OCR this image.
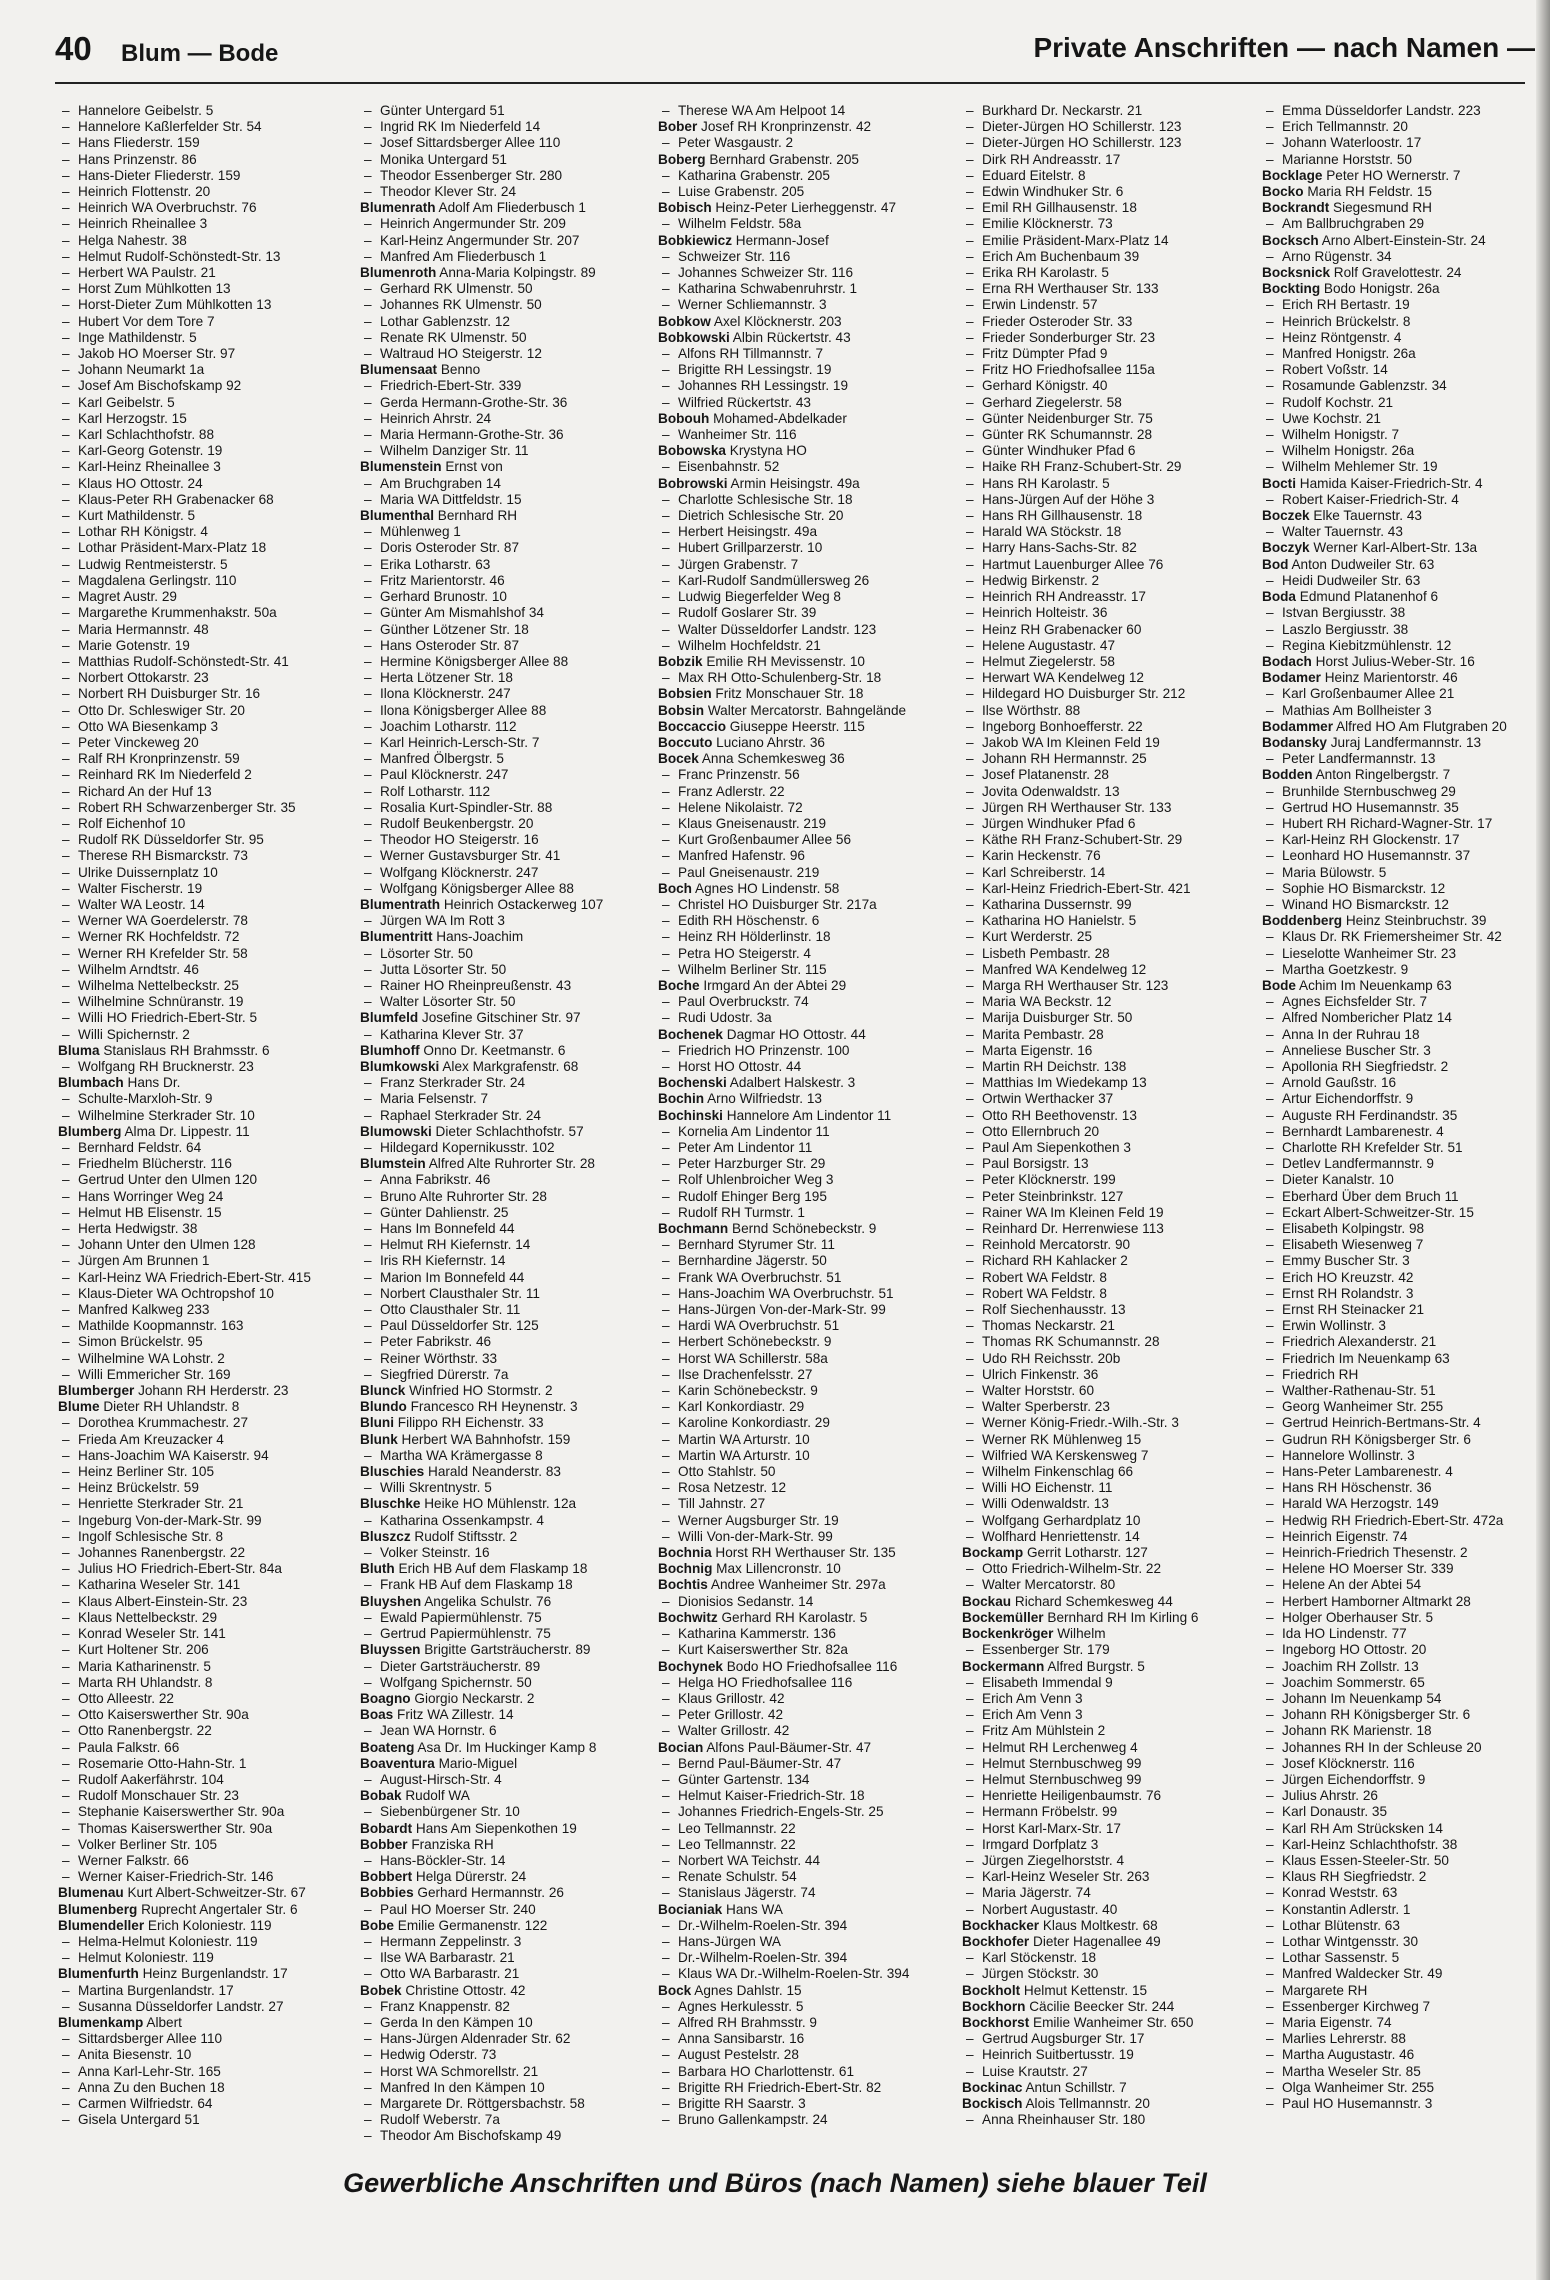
40 Blum — Bode	Private Anschriften — nach Namen —
– Hannelore Geibelstr. 5
– Hannelore Kaßlerfelder Str. 54
– Hans Fliederstr. 159
– Hans Prinzenstr. 86
– Hans-Dieter Fliederstr. 159
– Heinrich Flottenstr. 20
– Heinrich WA Overbruchstr. 76
– Heinrich Rheinallee 3
– Helga Nahestr. 38
– Helmut Rudolf-Schönstedt-Str. 13
– Herbert WA Paulstr. 21
– Horst Zum Mühlkotten 13
– Horst-Dieter Zum Mühlkotten 13
– Hubert Vor dem Tore 7
– Inge Mathildenstr. 5
– Jakob HO Moerser Str. 97
– Johann Neumarkt 1a
– Josef Am Bischofskamp 92
– Karl Geibelstr. 5
– Karl Herzogstr. 15
– Karl Schlachthofstr. 88
– Karl-Georg Gotenstr. 19
– Karl-Heinz Rheinallee 3
– Klaus HO Ottostr. 24
– Klaus-Peter RH Grabenacker 68
– Kurt Mathildenstr. 5
– Lothar RH Königstr. 4
– Lothar Präsident-Marx-Platz 18
– Ludwig Rentmeisterstr. 5
– Magdalena Gerlingstr. 110
– Magret Austr. 29
– Margarethe Krummenhakstr. 50a
– Maria Hermannstr. 48
– Marie Gotenstr. 19
– Matthias Rudolf-Schönstedt-Str. 41
– Norbert Ottokarstr. 23
– Norbert RH Duisburger Str. 16
– Otto Dr. Schleswiger Str. 20
– Otto WA Biesenkamp 3
– Peter Vinckeweg 20
– Ralf RH Kronprinzenstr. 59
– Reinhard RK Im Niederfeld 2
– Richard An der Huf 13
– Robert RH Schwarzenberger Str. 35
– Rolf Eichenhof 10
– Rudolf RK Düsseldorfer Str. 95
– Therese RH Bismarckstr. 73
– Ulrike Duissernplatz 10
– Walter Fischerstr. 19
– Walter WA Leostr. 14
– Werner WA Goerdelerstr. 78
– Werner RK Hochfeldstr. 72
– Werner RH Krefelder Str. 58
– Wilhelm Arndtstr. 46
– Wilhelma Nettelbeckstr. 25
– Wilhelmine Schnüranstr. 19
– Willi HO Friedrich-Ebert-Str. 5
– Willi Spichernstr. 2
Bluma Stanislaus RH Brahmsstr. 6
– Wolfgang RH Brucknerstr. 23
Blumbach Hans Dr.
– Schulte-Marxloh-Str. 9
– Wilhelmine Sterkrader Str. 10
Blumberg Alma Dr. Lippestr. 11
– Bernhard Feldstr. 64
– Friedhelm Blücherstr. 116
– Gertrud Unter den Ulmen 120
– Hans Worringer Weg 24
– Helmut HB Elisenstr. 15
– Herta Hedwigstr. 38
– Johann Unter den Ulmen 128
– Jürgen Am Brunnen 1
– Karl-Heinz WA Friedrich-Ebert-Str. 415
– Klaus-Dieter WA Ochtropshof 10
– Manfred Kalkweg 233
– Mathilde Koopmannstr. 163
– Simon Brückelstr. 95
– Wilhelmine WA Lohstr. 2
– Willi Emmericher Str. 169
Blumberger Johann RH Herderstr. 23
Blume Dieter RH Uhlandstr. 8
– Dorothea Krummachestr. 27
– Frieda Am Kreuzacker 4
– Hans-Joachim WA Kaiserstr. 94
– Heinz Berliner Str. 105
– Heinz Brückelstr. 59
– Henriette Sterkrader Str. 21
– Ingeburg Von-der-Mark-Str. 99
– Ingolf Schlesische Str. 8
– Johannes Ranenbergstr. 22
– Julius HO Friedrich-Ebert-Str. 84a
– Katharina Weseler Str. 141
– Klaus Albert-Einstein-Str. 23
– Klaus Nettelbeckstr. 29
– Konrad Weseler Str. 141
– Kurt Holtener Str. 206
– Maria Katharinenstr. 5
– Marta RH Uhlandstr. 8
– Otto Alleestr. 22
– Otto Kaiserswerther Str. 90a
– Otto Ranenbergstr. 22
– Paula Falkstr. 66
– Rosemarie Otto-Hahn-Str. 1
– Rudolf Aakerfährstr. 104
– Rudolf Monschauer Str. 23
– Stephanie Kaiserswerther Str. 90a
– Thomas Kaiserswerther Str. 90a
– Volker Berliner Str. 105
– Werner Falkstr. 66
– Werner Kaiser-Friedrich-Str. 146
Blumenau Kurt Albert-Schweitzer-Str. 67
Blumenberg Ruprecht Angertaler Str. 6
Blumendeller Erich Koloniestr. 119
– Helma-Helmut Koloniestr. 119
– Helmut Koloniestr. 119
Blumenfurth Heinz Burgenlandstr. 17
– Martina Burgenlandstr. 17
– Susanna Düsseldorfer Landstr. 27
Blumenkamp Albert
– Sittardsberger Allee 110
– Anita Biesenstr. 10
– Anna Karl-Lehr-Str. 165
– Anna Zu den Buchen 18
– Carmen Wilfriedstr. 64
– Gisela Untergard 51
– Günter Untergard 51
– Ingrid RK Im Niederfeld 14
– Josef Sittardsberger Allee 110
– Monika Untergard 51
– Theodor Essenberger Str. 280
– Theodor Klever Str. 24
Blumenrath Adolf Am Fliederbusch 1
– Heinrich Angermunder Str. 209
– Karl-Heinz Angermunder Str. 207
– Manfred Am Fliederbusch 1
Blumenroth Anna-Maria Kolpingstr. 89
– Gerhard RK Ulmenstr. 50
– Johannes RK Ulmenstr. 50
– Lothar Gablenzstr. 12
– Renate RK Ulmenstr. 50
– Waltraud HO Steigerstr. 12
Blumensaat Benno
– Friedrich-Ebert-Str. 339
– Gerda Hermann-Grothe-Str. 36
– Heinrich Ahrstr. 24
– Maria Hermann-Grothe-Str. 36
– Wilhelm Danziger Str. 11
Blumenstein Ernst von
– Am Bruchgraben 14
– Maria WA Dittfeldstr. 15
Blumenthal Bernhard RH
– Mühlenweg 1
– Doris Osteroder Str. 87
– Erika Lotharstr. 63
– Fritz Marientorstr. 46
– Gerhard Brunostr. 10
– Günter Am Mismahlshof 34
– Günther Lötzener Str. 18
– Hans Osteroder Str. 87
– Hermine Königsberger Allee 88
– Herta Lötzener Str. 18
– Ilona Klöcknerstr. 247
– Ilona Königsberger Allee 88
– Joachim Lotharstr. 112
– Karl Heinrich-Lersch-Str. 7
– Manfred Ölbergstr. 5
– Paul Klöcknerstr. 247
– Rolf Lotharstr. 112
– Rosalia Kurt-Spindler-Str. 88
– Rudolf Beukenbergstr. 20
– Theodor HO Steigerstr. 16
– Werner Gustavsburger Str. 41
– Wolfgang Klöcknerstr. 247
– Wolfgang Königsberger Allee 88
Blumentrath Heinrich Ostackerweg 107
– Jürgen WA Im Rott 3
Blumentritt Hans-Joachim
– Lösorter Str. 50
– Jutta Lösorter Str. 50
– Rainer HO Rheinpreußenstr. 43
– Walter Lösorter Str. 50
Blumfeld Josefine Gitschiner Str. 97
– Katharina Klever Str. 37
Blumhoff Onno Dr. Keetmanstr. 6
Blumkowski Alex Markgrafenstr. 68
– Franz Sterkrader Str. 24
– Maria Felsenstr. 7
– Raphael Sterkrader Str. 24
Blumowski Dieter Schlachthofstr. 57
– Hildegard Kopernikusstr. 102
Blumstein Alfred Alte Ruhrorter Str. 28
– Anna Fabrikstr. 46
– Bruno Alte Ruhrorter Str. 28
– Günter Dahlienstr. 25
– Hans Im Bonnefeld 44
– Helmut RH Kiefernstr. 14
– Iris RH Kiefernstr. 14
– Marion Im Bonnefeld 44
– Norbert Clausthaler Str. 11
– Otto Clausthaler Str. 11
– Paul Düsseldorfer Str. 125
– Peter Fabrikstr. 46
– Reiner Wörthstr. 33
– Siegfried Dürerstr. 7a
Blunck Winfried HO Stormstr. 2
Blundo Francesco RH Heynenstr. 3
Bluni Filippo RH Eichenstr. 33
Blunk Herbert WA Bahnhofstr. 159
– Martha WA Krämergasse 8
Bluschies Harald Neanderstr. 83
– Willi Skrentnystr. 5
Bluschke Heike HO Mühlenstr. 12a
– Katharina Ossenkampstr. 4
Bluszcz Rudolf Stiftsstr. 2
– Volker Steinstr. 16
Bluth Erich HB Auf dem Flaskamp 18
– Frank HB Auf dem Flaskamp 18
Bluyshen Angelika Schulstr. 76
– Ewald Papiermühlenstr. 75
– Gertrud Papiermühlenstr. 75
Bluyssen Brigitte Gartsträucherstr. 89
– Dieter Gartsträucherstr. 89
– Wolfgang Spichernstr. 50
Boagno Giorgio Neckarstr. 2
Boas Fritz WA Zillestr. 14
– Jean WA Hornstr. 6
Boateng Asa Dr. Im Huckinger Kamp 8
Boaventura Mario-Miguel
– August-Hirsch-Str. 4
Bobak Rudolf WA
– Siebenbürgener Str. 10
Bobardt Hans Am Siepenkothen 19
Bobber Franziska RH
– Hans-Böckler-Str. 14
Bobbert Helga Dürerstr. 24
Bobbies Gerhard Hermannstr. 26
– Paul HO Moerser Str. 240
Bobe Emilie Germanenstr. 122
– Hermann Zeppelinstr. 3
– Ilse WA Barbarastr. 21
– Otto WA Barbarastr. 21
Bobek Christine Ottostr. 42
– Franz Knappenstr. 82
– Gerda In den Kämpen 10
– Hans-Jürgen Aldenrader Str. 62
– Hedwig Oderstr. 73
– Horst WA Schmorellstr. 21
– Manfred In den Kämpen 10
– Margarete Dr. Röttgersbachstr. 58
– Rudolf Weberstr. 7a
– Theodor Am Bischofskamp 49
– Therese WA Am Helpoot 14
Bober Josef RH Kronprinzenstr. 42
– Peter Wasgaustr. 2
Boberg Bernhard Grabenstr. 205
– Katharina Grabenstr. 205
– Luise Grabenstr. 205
Bobisch Heinz-Peter Lierheggenstr. 47
– Wilhelm Feldstr. 58a
Bobkiewicz Hermann-Josef
– Schweizer Str. 116
– Johannes Schweizer Str. 116
– Katharina Schwabenruhrstr. 1
– Werner Schliemannstr. 3
Bobkow Axel Klöcknerstr. 203
Bobkowski Albin Rückertstr. 43
– Alfons RH Tillmannstr. 7
– Brigitte RH Lessingstr. 19
– Johannes RH Lessingstr. 19
– Wilfried Rückertstr. 43
Bobouh Mohamed-Abdelkader
– Wanheimer Str. 116
Bobowska Krystyna HO
– Eisenbahnstr. 52
Bobrowski Armin Heisingstr. 49a
– Charlotte Schlesische Str. 18
– Dietrich Schlesische Str. 20
– Herbert Heisingstr. 49a
– Hubert Grillparzerstr. 10
– Jürgen Grabenstr. 7
– Karl-Rudolf Sandmüllersweg 26
– Ludwig Biegerfelder Weg 8
– Rudolf Goslarer Str. 39
– Walter Düsseldorfer Landstr. 123
– Wilhelm Hochfeldstr. 21
Bobzik Emilie RH Mevissenstr. 10
– Max RH Otto-Schulenberg-Str. 18
Bobsien Fritz Monschauer Str. 18
Bobsin Walter Mercatorstr. Bahngelände
Boccaccio Giuseppe Heerstr. 115
Boccuto Luciano Ahrstr. 36
Bocek Anna Schemkesweg 36
– Franc Prinzenstr. 56
– Franz Adlerstr. 22
– Helene Nikolaistr. 72
– Klaus Gneisenaustr. 219
– Kurt Großenbaumer Allee 56
– Manfred Hafenstr. 96
– Paul Gneisenaustr. 219
Boch Agnes HO Lindenstr. 58
– Christel HO Duisburger Str. 217a
– Edith RH Höschenstr. 6
– Heinz RH Hölderlinstr. 18
– Petra HO Steigerstr. 4
– Wilhelm Berliner Str. 115
Boche Irmgard An der Abtei 29
– Paul Overbruckstr. 74
– Rudi Udostr. 3a
Bochenek Dagmar HO Ottostr. 44
– Friedrich HO Prinzenstr. 100
– Horst HO Ottostr. 44
Bochenski Adalbert Halskestr. 3
Bochin Arno Wilfriedstr. 13
Bochinski Hannelore Am Lindentor 11
– Kornelia Am Lindentor 11
– Peter Am Lindentor 11
– Peter Harzburger Str. 29
– Rolf Uhlenbroicher Weg 3
– Rudolf Ehinger Berg 195
– Rudolf RH Turmstr. 1
Bochmann Bernd Schönebeckstr. 9
– Bernhard Styrumer Str. 11
– Bernhardine Jägerstr. 50
– Frank WA Overbruchstr. 51
– Hans-Joachim WA Overbruchstr. 51
– Hans-Jürgen Von-der-Mark-Str. 99
– Hardi WA Overbruchstr. 51
– Herbert Schönebeckstr. 9
– Horst WA Schillerstr. 58a
– Ilse Drachenfelsstr. 27
– Karin Schönebeckstr. 9
– Karl Konkordiastr. 29
– Karoline Konkordiastr. 29
– Martin WA Arturstr. 10
– Martin WA Arturstr. 10
– Otto Stahlstr. 50
– Rosa Netzestr. 12
– Till Jahnstr. 27
– Werner Augsburger Str. 19
– Willi Von-der-Mark-Str. 99
Bochnia Horst RH Werthauser Str. 135
Bochnig Max Lillencronstr. 10
Bochtis Andree Wanheimer Str. 297a
– Dionisios Sedanstr. 14
Bochwitz Gerhard RH Karolastr. 5
– Katharina Kammerstr. 136
– Kurt Kaiserswerther Str. 82a
Bochynek Bodo HO Friedhofsallee 116
– Helga HO Friedhofsallee 116
– Klaus Grillostr. 42
– Peter Grillostr. 42
– Walter Grillostr. 42
Bocian Alfons Paul-Bäumer-Str. 47
– Bernd Paul-Bäumer-Str. 47
– Günter Gartenstr. 134
– Helmut Kaiser-Friedrich-Str. 18
– Johannes Friedrich-Engels-Str. 25
– Leo Tellmannstr. 22
– Leo Tellmannstr. 22
– Norbert WA Teichstr. 44
– Renate Schulstr. 54
– Stanislaus Jägerstr. 74
Bocianiak Hans WA
– Dr.-Wilhelm-Roelen-Str. 394
– Hans-Jürgen WA
– Dr.-Wilhelm-Roelen-Str. 394
– Klaus WA Dr.-Wilhelm-Roelen-Str. 394
Bock Agnes Dahlstr. 15
– Agnes Herkulesstr. 5
– Alfred RH Brahmsstr. 9
– Anna Sansibarstr. 16
– August Pestelstr. 28
– Barbara HO Charlottenstr. 61
– Brigitte RH Friedrich-Ebert-Str. 82
– Brigitte RH Saarstr. 3
– Bruno Gallenkampstr. 24
– Burkhard Dr. Neckarstr. 21
– Dieter-Jürgen HO Schillerstr. 123
– Dieter-Jürgen HO Schillerstr. 123
– Dirk RH Andreasstr. 17
– Eduard Eitelstr. 8
– Edwin Windhuker Str. 6
– Emil RH Gillhausenstr. 18
– Emilie Klöcknerstr. 73
– Emilie Präsident-Marx-Platz 14
– Erich Am Buchenbaum 39
– Erika RH Karolastr. 5
– Erna RH Werthauser Str. 133
– Erwin Lindenstr. 57
– Frieder Osteroder Str. 33
– Frieder Sonderburger Str. 23
– Fritz Dümpter Pfad 9
– Fritz HO Friedhofsallee 115a
– Gerhard Königstr. 40
– Gerhard Ziegelerstr. 58
– Günter Neidenburger Str. 75
– Günter RK Schumannstr. 28
– Günter Windhuker Pfad 6
– Haike RH Franz-Schubert-Str. 29
– Hans RH Karolastr. 5
– Hans-Jürgen Auf der Höhe 3
– Hans RH Gillhausenstr. 18
– Harald WA Stöckstr. 18
– Harry Hans-Sachs-Str. 82
– Hartmut Lauenburger Allee 76
– Hedwig Birkenstr. 2
– Heinrich RH Andreasstr. 17
– Heinrich Holteistr. 36
– Heinz RH Grabenacker 60
– Helene Augustastr. 47
– Helmut Ziegelerstr. 58
– Herwart WA Kendelweg 12
– Hildegard HO Duisburger Str. 212
– Ilse Wörthstr. 88
– Ingeborg Bonhoefferstr. 22
– Jakob WA Im Kleinen Feld 19
– Johann RH Hermannstr. 25
– Josef Platanenstr. 28
– Jovita Odenwaldstr. 13
– Jürgen RH Werthauser Str. 133
– Jürgen Windhuker Pfad 6
– Käthe RH Franz-Schubert-Str. 29
– Karin Heckenstr. 76
– Karl Schreiberstr. 14
– Karl-Heinz Friedrich-Ebert-Str. 421
– Katharina Dussernstr. 99
– Katharina HO Hanielstr. 5
– Kurt Werderstr. 25
– Lisbeth Pembastr. 28
– Manfred WA Kendelweg 12
– Marga RH Werthauser Str. 123
– Maria WA Beckstr. 12
– Marija Duisburger Str. 50
– Marita Pembastr. 28
– Marta Eigenstr. 16
– Martin RH Deichstr. 138
– Matthias Im Wiedekamp 13
– Ortwin Werthacker 37
– Otto RH Beethovenstr. 13
– Otto Ellernbruch 20
– Paul Am Siepenkothen 3
– Paul Borsigstr. 13
– Peter Klöcknerstr. 199
– Peter Steinbrinkstr. 127
– Rainer WA Im Kleinen Feld 19
– Reinhard Dr. Herrenwiese 113
– Reinhold Mercatorstr. 90
– Richard RH Kahlacker 2
– Robert WA Feldstr. 8
– Robert WA Feldstr. 8
– Rolf Siechenhausstr. 13
– Thomas Neckarstr. 21
– Thomas RK Schumannstr. 28
– Udo RH Reichsstr. 20b
– Ulrich Finkenstr. 36
– Walter Horststr. 60
– Walter Sperberstr. 23
– Werner König-Friedr.-Wilh.-Str. 3
– Werner RK Mühlenweg 15
– Wilfried WA Kerskensweg 7
– Wilhelm Finkenschlag 66
– Willi HO Eichenstr. 11
– Willi Odenwaldstr. 13
– Wolfgang Gerhardplatz 10
– Wolfhard Henriettenstr. 14
Bockamp Gerrit Lotharstr. 127
– Otto Friedrich-Wilhelm-Str. 22
– Walter Mercatorstr. 80
Bockau Richard Schemkesweg 44
Bockemüller Bernhard RH Im Kirling 6
Bockenkröger Wilhelm
– Essenberger Str. 179
Bockermann Alfred Burgstr. 5
– Elisabeth Immendal 9
– Erich Am Venn 3
– Erich Am Venn 3
– Fritz Am Mühlstein 2
– Helmut RH Lerchenweg 4
– Helmut Sternbuschweg 99
– Helmut Sternbuschweg 99
– Henriette Heiligenbaumstr. 76
– Hermann Fröbelstr. 99
– Horst Karl-Marx-Str. 17
– Irmgard Dorfplatz 3
– Jürgen Ziegelhorststr. 4
– Karl-Heinz Weseler Str. 263
– Maria Jägerstr. 74
– Norbert Augustastr. 40
Bockhacker Klaus Moltkestr. 68
Bockhofer Dieter Hagenallee 49
– Karl Stöckenstr. 18
– Jürgen Stöckstr. 30
Bockholt Helmut Kettenstr. 15
Bockhorn Cäcilie Beecker Str. 244
Bockhorst Emilie Wanheimer Str. 650
– Gertrud Augsburger Str. 17
– Heinrich Suitbertusstr. 19
– Luise Krautstr. 27
Bockinac Antun Schillstr. 7
Bockisch Alois Tellmannstr. 20
– Anna Rheinhauser Str. 180
– Emma Düsseldorfer Landstr. 223
– Erich Tellmannstr. 20
– Johann Waterloostr. 17
– Marianne Horststr. 50
Bocklage Peter HO Wernerstr. 7
Bocko Maria RH Feldstr. 15
Bockrandt Siegesmund RH
– Am Ballbruchgraben 29
Bocksch Arno Albert-Einstein-Str. 24
– Arno Rügenstr. 34
Bocksnick Rolf Gravelottestr. 24
Bockting Bodo Honigstr. 26a
– Erich RH Bertastr. 19
– Heinrich Brückelstr. 8
– Heinz Röntgenstr. 4
– Manfred Honigstr. 26a
– Robert Voßstr. 14
– Rosamunde Gablenzstr. 34
– Rudolf Kochstr. 21
– Uwe Kochstr. 21
– Wilhelm Honigstr. 7
– Wilhelm Honigstr. 26a
– Wilhelm Mehlemer Str. 19
Bocti Hamida Kaiser-Friedrich-Str. 4
– Robert Kaiser-Friedrich-Str. 4
Boczek Elke Tauernstr. 43
– Walter Tauernstr. 43
Boczyk Werner Karl-Albert-Str. 13a
Bod Anton Dudweiler Str. 63
– Heidi Dudweiler Str. 63
Boda Edmund Platanenhof 6
– Istvan Bergiusstr. 38
– Laszlo Bergiusstr. 38
– Regina Kiebitzmühlenstr. 12
Bodach Horst Julius-Weber-Str. 16
Bodamer Heinz Marientorstr. 46
– Karl Großenbaumer Allee 21
– Mathias Am Bollheister 3
Bodammer Alfred HO Am Flutgraben 20
Bodansky Juraj Landfermannstr. 13
– Peter Landfermannstr. 13
Bodden Anton Ringelbergstr. 7
– Brunhilde Sternbuschweg 29
– Gertrud HO Husemannstr. 35
– Hubert RH Richard-Wagner-Str. 17
– Karl-Heinz RH Glockenstr. 17
– Leonhard HO Husemannstr. 37
– Maria Bülowstr. 5
– Sophie HO Bismarckstr. 12
– Winand HO Bismarckstr. 12
Boddenberg Heinz Steinbruchstr. 39
– Klaus Dr. RK Friemersheimer Str. 42
– Lieselotte Wanheimer Str. 23
– Martha Goetzkestr. 9
Bode Achim Im Neuenkamp 63
– Agnes Eichsfelder Str. 7
– Alfred Nombericher Platz 14
– Anna In der Ruhrau 18
– Anneliese Buscher Str. 3
– Apollonia RH Siegfriedstr. 2
– Arnold Gaußstr. 16
– Artur Eichendorffstr. 9
– Auguste RH Ferdinandstr. 35
– Bernhardt Lambarenestr. 4
– Charlotte RH Krefelder Str. 51
– Detlev Landfermannstr. 9
– Dieter Kanalstr. 10
– Eberhard Über dem Bruch 11
– Eckart Albert-Schweitzer-Str. 15
– Elisabeth Kolpingstr. 98
– Elisabeth Wiesenweg 7
– Emmy Buscher Str. 3
– Erich HO Kreuzstr. 42
– Ernst RH Rolandstr. 3
– Ernst RH Steinacker 21
– Erwin Wollinstr. 3
– Friedrich Alexanderstr. 21
– Friedrich Im Neuenkamp 63
– Friedrich RH
– Walther-Rathenau-Str. 51
– Georg Wanheimer Str. 255
– Gertrud Heinrich-Bertmans-Str. 4
– Gudrun RH Königsberger Str. 6
– Hannelore Wollinstr. 3
– Hans-Peter Lambarenestr. 4
– Hans RH Höschenstr. 36
– Harald WA Herzogstr. 149
– Hedwig RH Friedrich-Ebert-Str. 472a
– Heinrich Eigenstr. 74
– Heinrich-Friedrich Thesenstr. 2
– Helene HO Moerser Str. 339
– Helene An der Abtei 54
– Herbert Hamborner Altmarkt 28
– Holger Oberhauser Str. 5
– Ida HO Lindenstr. 77
– Ingeborg HO Ottostr. 20
– Joachim RH Zollstr. 13
– Joachim Sommerstr. 65
– Johann Im Neuenkamp 54
– Johann RH Königsberger Str. 6
– Johann RK Marienstr. 18
– Johannes RH In der Schleuse 20
– Josef Klöcknerstr. 116
– Jürgen Eichendorffstr. 9
– Julius Ahrstr. 26
– Karl Donaustr. 35
– Karl RH Am Strücksken 14
– Karl-Heinz Schlachthofstr. 38
– Klaus Essen-Steeler-Str. 50
– Klaus RH Siegfriedstr. 2
– Konrad Weststr. 63
– Konstantin Adlerstr. 1
– Lothar Blütenstr. 63
– Lothar Wintgensstr. 30
– Lothar Sassenstr. 5
– Manfred Waldecker Str. 49
– Margarete RH
– Essenberger Kirchweg 7
– Maria Eigenstr. 74
– Marlies Lehrerstr. 88
– Martha Augustastr. 46
– Martha Weseler Str. 85
– Olga Wanheimer Str. 255
– Paul HO Husemannstr. 3
Gewerbliche Anschriften und Büros (nach Namen) siehe blauer Teil
